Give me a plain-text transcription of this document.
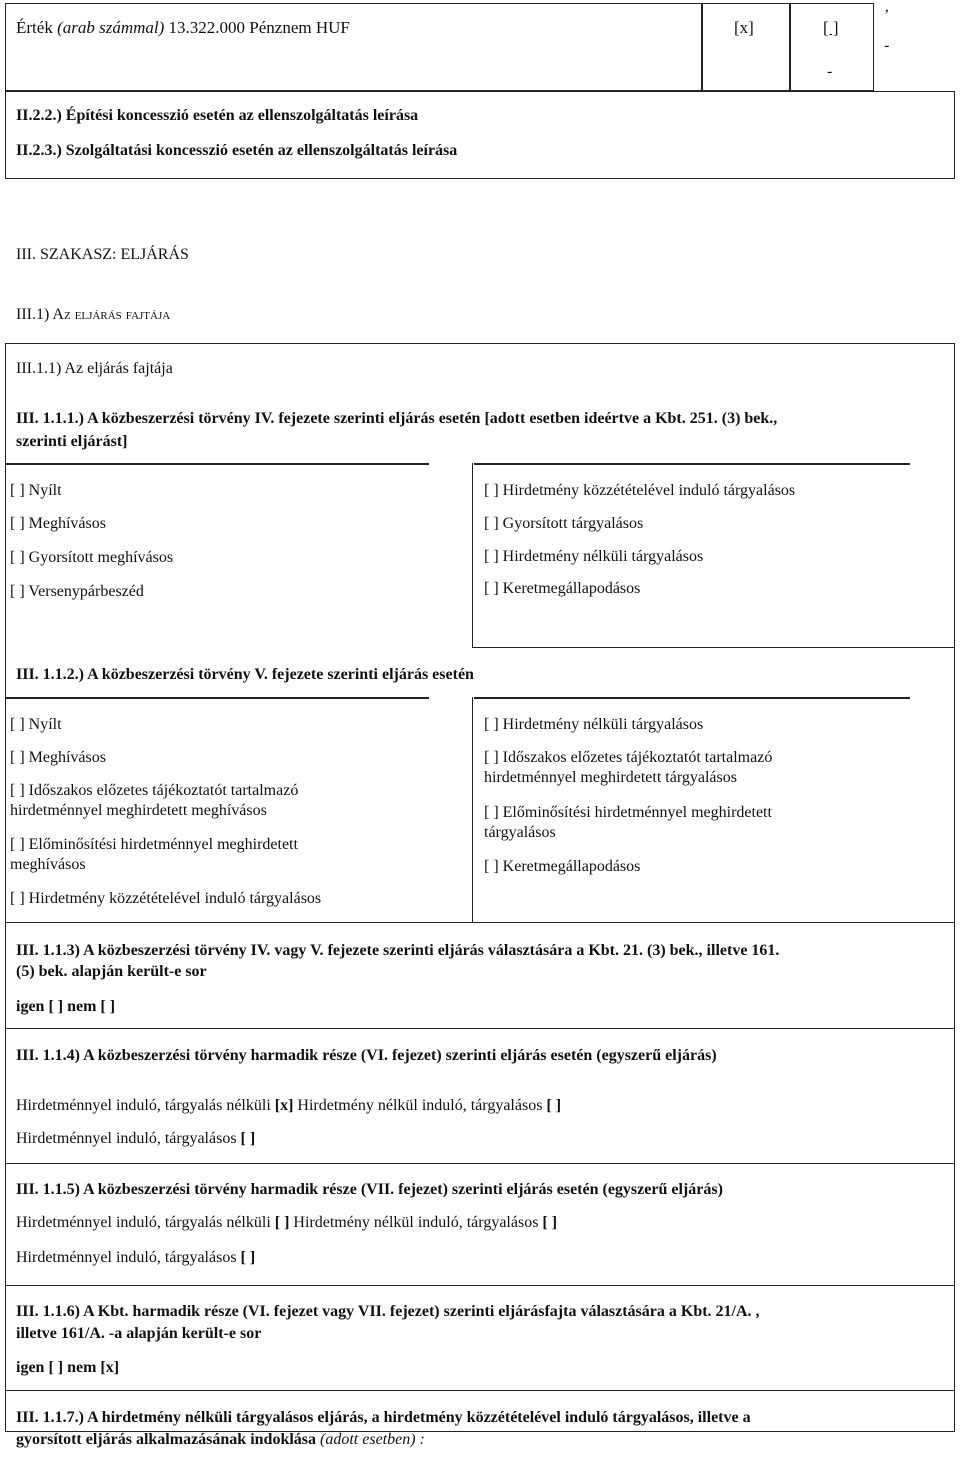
Érték (arab számmal) 13.322.000 Pénznem HUF	[x]	[ ]
-
’
-
II.2.2.) Építési koncesszió esetén az ellenszolgáltatás leírása
II.2.3.) Szolgáltatási koncesszió esetén az ellenszolgáltatás leírása
III. SZAKASZ: ELJÁRÁS
III.1) Az eljárás fajtája
III.1.1) Az eljárás fajtája
III. 1.1.1.) A közbeszerzési törvény IV. fejezete szerinti eljárás esetén [adott esetben ideértve a Kbt. 251. (3) bek.,
szerinti eljárást]
[ ] Nyílt
[ ] Meghívásos
[ ] Gyorsított meghívásos
[ ] Versenypárbeszéd
[ ] Hirdetmény közzétételével induló tárgyalásos
[ ] Gyorsított tárgyalásos
[ ] Hirdetmény nélküli tárgyalásos
[ ] Keretmegállapodásos
III. 1.1.2.) A közbeszerzési törvény V. fejezete szerinti eljárás esetén
[ ] Nyílt
[ ] Meghívásos
[ ] Időszakos előzetes tájékoztatót tartalmazó hirdetménnyel meghirdetett meghívásos
[ ] Előminősítési hirdetménnyel meghirdetett meghívásos
[ ] Hirdetmény közzétételével induló tárgyalásos
[ ] Hirdetmény nélküli tárgyalásos
[ ] Időszakos előzetes tájékoztatót tartalmazó hirdetménnyel meghirdetett tárgyalásos
[ ] Előminősítési hirdetménnyel meghirdetett tárgyalásos
[ ] Keretmegállapodásos
III. 1.1.3) A közbeszerzési törvény IV. vagy V. fejezete szerinti eljárás választására a Kbt. 21. (3) bek., illetve 161.
(5) bek. alapján került-e sor
igen [ ] nem [ ]
III. 1.1.4) A közbeszerzési törvény harmadik része (VI. fejezet) szerinti eljárás esetén (egyszerű eljárás)
Hirdetménnyel induló, tárgyalás nélküli [x] Hirdetmény nélkül induló, tárgyalásos [ ]
Hirdetménnyel induló, tárgyalásos [ ]
III. 1.1.5) A közbeszerzési törvény harmadik része (VII. fejezet) szerinti eljárás esetén (egyszerű eljárás)
Hirdetménnyel induló, tárgyalás nélküli [ ] Hirdetmény nélkül induló, tárgyalásos [ ]
Hirdetménnyel induló, tárgyalásos [ ]
III. 1.1.6) A Kbt. harmadik része (VI. fejezet vagy VII. fejezet) szerinti eljárásfajta választására a Kbt. 21/A. ,
illetve 161/A. -a alapján került-e sor
igen [ ] nem [x]
III. 1.1.7.) A hirdetmény nélküli tárgyalásos eljárás, a hirdetmény közzétételével induló tárgyalásos, illetve a
gyorsított eljárás alkalmazásának indoklása (adott esetben) :
